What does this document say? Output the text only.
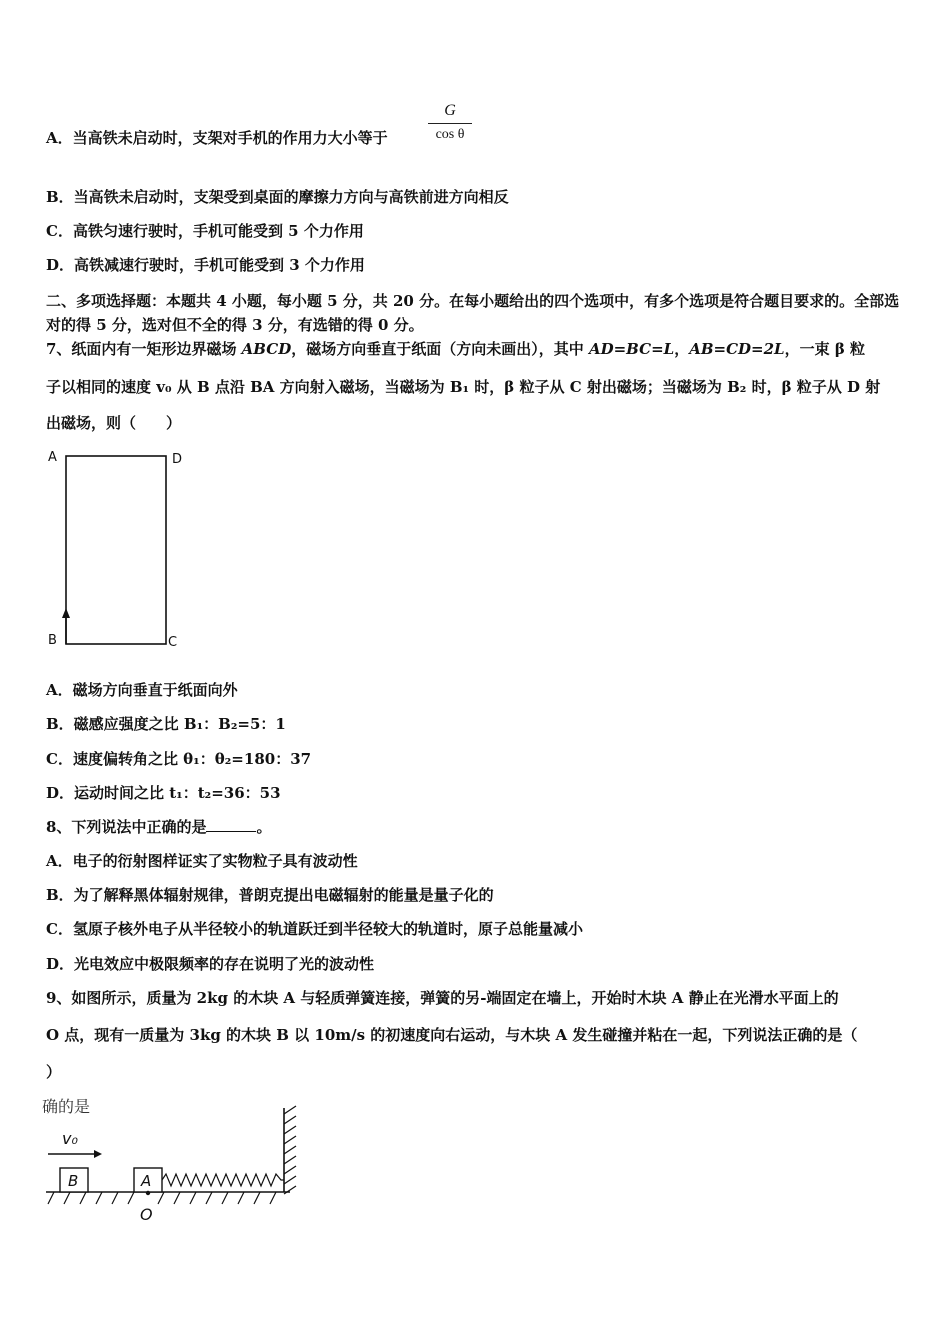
A．当高铁未启动时，支架对手机的作用力大小等于
G
cos θ
B．当高铁未启动时，支架受到桌面的摩擦力方向与高铁前进方向相反
C．高铁匀速行驶时，手机可能受到 5 个力作用
D．高铁减速行驶时，手机可能受到 3 个力作用
二、多项选择题：本题共 4 小题，每小题 5 分，共 20 分。在每小题给出的四个选项中，有多个选项是符合题目要求的。全部选对的得 5 分，选对但不全的得 3 分，有选错的得 0 分。
7、纸面内有一矩形边界磁场 ABCD，磁场方向垂直于纸面（方向未画出），其中 AD=BC=L，AB=CD=2L，一束 β 粒
子以相同的速度 v₀ 从 B 点沿 BA 方向射入磁场，当磁场为 B₁ 时，β 粒子从 C 射出磁场；当磁场为 B₂ 时，β 粒子从 D 射
出磁场，则（　　）
A	D
B	C
A．磁场方向垂直于纸面向外
B．磁感应强度之比 B₁：B₂=5：1
C．速度偏转角之比 θ₁：θ₂=180：37
D．运动时间之比 t₁：t₂=36：53
8、下列说法中正确的是	。
A．电子的衍射图样证实了实物粒子具有波动性
B．为了解释黑体辐射规律，普朗克提出电磁辐射的能量是量子化的
C．氢原子核外电子从半径较小的轨道跃迁到半径较大的轨道时，原子总能量减小
D．光电效应中极限频率的存在说明了光的波动性
9、如图所示，质量为 2kg 的木块 A 与轻质弹簧连接，弹簧的另-端固定在墙上，开始时木块 A 静止在光滑水平面上的
O 点，现有一质量为 3kg 的木块 B 以 10m/s 的初速度向右运动，与木块 A 发生碰撞并粘在一起，下列说法正确的是（
）
确的是
v₀
B	A
O
